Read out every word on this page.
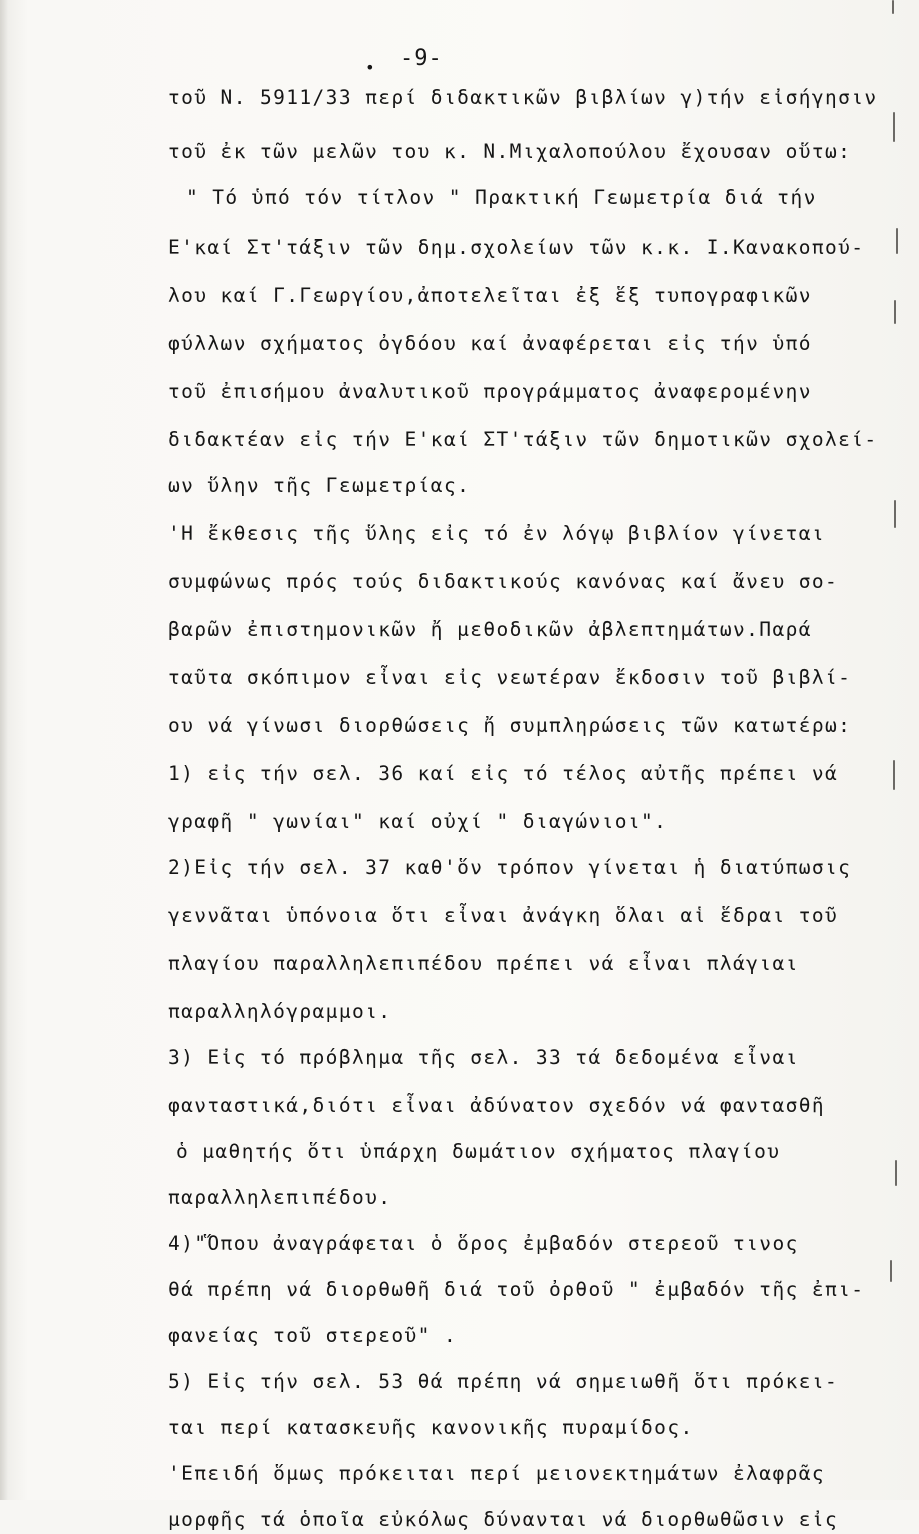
• -9-
τοῦ Ν. 5911/33 περί διδακτικῶν βιβλίων γ)τήν εἰσήγησιν
τοῦ ἐκ τῶν μελῶν του κ. Ν.Μιχαλοπούλου ἔχουσαν οὕτω:
" Τό ὑπό τόν τίτλον " Πρακτική Γεωμετρία διά τήν
Ε'καί Στ'τάξιν τῶν δημ.σχολείων τῶν κ.κ. Ι.Κανακοπού-
λου καί Γ.Γεωργίου,ἀποτελεῖται ἐξ ἕξ τυπογραφικῶν
φύλλων σχήματος ὀγδόου καί ἀναφέρεται εἰς τήν ὑπό
τοῦ ἐπισήμου ἀναλυτικοῦ προγράμματος ἀναφερομένην
διδακτέαν εἰς τήν Ε'καί ΣΤ'τάξιν τῶν δημοτικῶν σχολεί-
ων ὕλην τῆς Γεωμετρίας.
'Η ἔκθεσις τῆς ὕλης εἰς τό ἐν λόγῳ βιβλίον γίνεται
συμφώνως πρός τούς διδακτικούς κανόνας καί ἄνευ σο-
βαρῶν ἐπιστημονικῶν ἤ μεθοδικῶν ἀβλεπτημάτων.Παρά
ταῦτα σκόπιμον εἶναι εἰς νεωτέραν ἔκδοσιν τοῦ βιβλί-
ου νά γίνωσι διορθώσεις ἤ συμπληρώσεις τῶν κατωτέρω:
1) εἰς τήν σελ. 36 καί εἰς τό τέλος αὐτῆς πρέπει νά
γραφῆ " γωνίαι" καί οὐχί " διαγώνιοι".
2)Εἰς τήν σελ. 37 καθ'ὅν τρόπον γίνεται ἡ διατύπωσις
γεννᾶται ὑπόνοια ὅτι εἶναι ἀνάγκη ὅλαι αἱ ἕδραι τοῦ
πλαγίου παραλληλεπιπέδου πρέπει νά εἶναι πλάγιαι
παραλληλόγραμμοι.
3) Εἰς τό πρόβλημα τῆς σελ. 33 τά δεδομένα εἶναι
φανταστικά,διότι εἶναι ἀδύνατον σχεδόν νά φαντασθῆ
ὁ μαθητής ὅτι ὑπάρχη δωμάτιον σχήματος πλαγίου
παραλληλεπιπέδου.
4)"Ὅπου ἀναγράφεται ὁ ὅρος ἐμβαδόν στερεοῦ τινος
θά πρέπη νά διορθωθῆ διά τοῦ ὀρθοῦ " ἐμβαδόν τῆς ἐπι-
φανείας τοῦ στερεοῦ" .
5) Εἰς τήν σελ. 53 θά πρέπη νά σημειωθῆ ὅτι πρόκει-
ται περί κατασκευῆς κανονικῆς πυραμίδος.
'Επειδή ὅμως πρόκειται περί μειονεκτημάτων ἐλαφρᾶς
μορφῆς τά ὁποῖα εὐκόλως δύνανται νά διορθωθῶσιν εἰς
